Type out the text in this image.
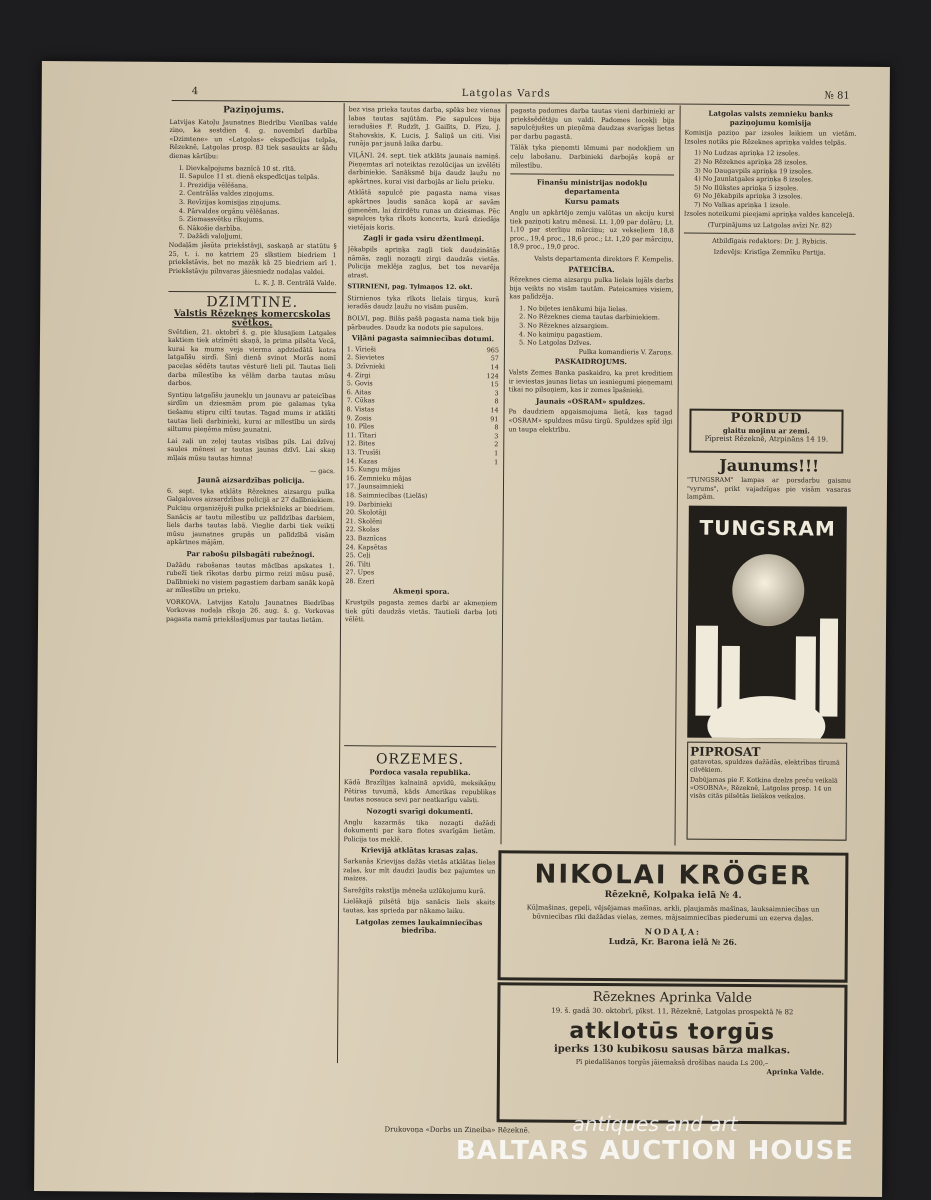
4	Latgolas Vards	№ 81
Paziņojums.
Latvijas Katoļu Jaunatnes Biedrību Vienības valde ziņo, ka sestdien 4. g. novembrī darbība «Dzimtene» un «Latgolas» ekspedīcijas telpās, Rēzeknē, Latgolas prosp. 83 tiek sasaukts ar šādu dienas kārtību:
I. Dievkalpojums baznīcā 10 st. rītā.
II. Sapulce 11 st. dienā ekspedīcijas telpās.
1. Prezidija vēlēšana.
2. Centrālās valdes ziņojums.
3. Revīzijas komisijas ziņojums.
4. Pārvaldes orgānu vēlēšanas.
5. Ziemassvētku rīkojums.
6. Nākošie darbība.
7. Dažādi valoļjumi.
Nodaļām jāsūta priekšstāvji, saskaņā ar statūtu § 25, t. i. no katriem 25 sīkstiem biedriem 1 priekšstāvis, bet no mazāk kā 25 biedriem arī 1. Priekšstāvju pilnvaras jāiesniedz nodaļas valdei.
L. K. J. B. Centrālā Valde.
DZIMTINE.
Valstis Rēzeknes komercskolas svētkos.
Svētdien, 21. oktobrī š. g. pie klusajiem Latgales kaktiem tiek atzīmēti skaņā, la prima pilsēta Vecā, kurai ka mums veja vierma apdziedātā kotra latgalīšu sirdī. Šīnī dienā svinot Morās nomī paceļas sēdēts tautas vēsturē lieli pil. Tautas lieli darba mīlestība ka vēlām darba tautas mūsu darbos.
Syntiņu latgalīšu jaunekļu un jaunavu ar pateicības sirdīm un dziesmām prom pie galamas tyka tiešamu stipru ciltī tautas. Tagad mums ir atklāti tautas lieli darbinieki, kurai ar mīlestību un sirds siltumu pieņēma mūsu jaunatni.
Lai zaļi un zeļoj tautas visības pils. Lai dzīvoj sauļes mēnesi ar tautas jaunas dzīvī. Lai skaņ mīļais mūsu tautas himna!
— gacs.
Jaunā aizsardzības policija.
6. sept. tyka atklāts Rēzeknes aizsargu pulka Galgaloves aizsardzības policijā ar 27 daļībniekiem. Pulciņu organizējuši pulka priekšnieks ar biedriem. Sanācis ar tautu mīlestību uz palīdzības darbiem, liels darbs tautas labā. Vieglie darbi tiek veikti mūsu jaunatnes grupās un palīdzībā visām apkārtnes mājām.
Par rabošu pilsbagāti rubežnogi.
Dažādu rabošanas tautas mācības apskates 1. rubežī tiek rīkotas darbu pirmo reizi mūsu pusē. Dalībnieki no visiem pagastiem darbam sanāk kopā ar mīlestību un prieku.
VORKOVA. Latvijas Katoļu Jaunatnes Biedrības Vorkovas nodaļa rīkoja 26. aug. š. g. Vorkovas pagasta namā priekšlasījumus par tautas lietām.
bez visa prieka tautas darba, spēks bez vienas labas tautas sajūtām. Pie sapulces bija ieradušies F. Rudzīt, J. Gailīts, D. Pīzu, J. Stahovskis, K. Lucis, J. Šaliņš un citi. Visi runāja par jaunā laika darbu.
VIĻĀNI. 24. sept. tiek atklāts jaunais namiņš. Pieņemtas arī noteiktas rezolūcijas un izvēlēti darbiniekie. Sanāksmē bija daudz ļaužu no apkārtnes, kurai visi darbojās ar lielu prieku.
Atklātā sapulcē pie pagasta nama visas apkārtnes ļaudis sanāca kopā ar savām ģimenēm, lai dzirdētu runas un dziesmas. Pēc sapulces tyka rīkots koncerts, kurā dziedāja vietējais koris.
Zagļi ir gada vsiru džentlmeņi.
Jēkabpils apriņķa zagļi tiek daudzinātās nāmās, zagļi nozagti zirgi daudzās vietās. Policija meklēja zagļus, bet tos nevarēja atrast.
STIRNIENI, pag. Tylmaņos 12. okt.
Stirnienos tyka rīkots lielais tirgus, kurā ieradās daudz ļaužu no visām pusēm.
BOLVI, pag. Bilās pašā pagasta nama tiek bija pārbaudes. Daudz ka nodots pie sapulces.
Viļāni pagasta saimniecības dotumi.
1. Vīrieši	965
2. Sievietes	57
3. Dzīvnieki	14
4. Zirgi	124
5. Govis	15
6. Aitas	3
7. Cūkas	8
8. Vistas	14
9. Zosis	91
10. Pīles	8
11. Tītari	3
12. Bites	2
13. Trusīši	1
14. Kazas	1
15. Kungu mājas
16. Zemnieku mājas
17. Jaunsaimnieki
18. Saimniecības (Lielās)
19. Darbinieki
20. Skolotāji
21. Skolēni
22. Skolas
23. Baznīcas
24. Kapsētas
25. Ceļi
26. Tilti
27. Upes
28. Ezeri
Akmeņi spora.
Krustpils pagasta zemes darbi ar akmeņiem tiek gūti daudzās vietās. Tautieši darba ļoti vēlēti.
ORZEMES.
Pordoca vasala republika.
Kādā Brazīlijas kalnainā apvidū, meksikāņu Pētiras tuvumā, kāds Amerikas republikas tautas nosauca sevi par neatkarīgu valsti.
Nozogti svarīgi dokumenti.
Angļu kazarmās tika nozagti dažādi dokumenti par kara flotes svarīgām lietām. Policija tos meklē.
Krievijā atklātas krasas zaļas.
Sarkanās Krievijas dažās vietās atklātas lielas zaļas, kur mīt daudzi ļaudis bez pajumtes un maizes.
Sarežģīts rakstīja mēneša uzlūkojumu kurā.
Lielākajā pilsētā bija sanācis liels skaits tautas, kas sprieda par nākamo laiku.
Latgolas zemes laukaimniecības biedrība.
pagasta padomes darba tautas vieni darbinieki ar priekšsēdētāju un valdi. Padomes locekļi bija sapulcējušies un pieņēma daudzas svarīgas lietas par darbu pagastā.
Tālāk tyka pieņemti lēmumi par nodokļiem un ceļu labošanu. Darbinieki darbojās kopā ar mīlestību.
Finanšu ministrijas nodokļu departamenta
Kursu pamats
Angļu un apkārtējo zemju valūtas un akciju kursi tiek paziņoti katru mēnesi. Lt. 1,09 par dolāru; Lt. 1,10 par sterliņu mārciņu; uz vekseļiem 18,8 proc., 19,4 proc., 18,6 proc.; Lt. 1,20 par mārciņu, 18,9 proc., 19,0 proc.
Valsts departamenta direktors F. Kempelis.
PATEICĪBA.
Rēzeknes ciema aizsargu pulka lielais lojāls darbs bija veikts no visām tautām. Pateicamies visiem, kas palīdzēja.
1. No biļetes ienākumi bija lielas.
2. No Rēzeknes ciema tautas darbiniekiem.
3. No Rēzeknes aizsargiem.
4. No kaimiņu pagastiem.
5. No Latgolas Dzīves.
Pulka komandieris V. Zaroņs.
PASKAIDROJUMS.
Valsts Zemes Banka paskaidro, ka pret kreditiem ir ieviestas jaunas lietas un iesniegumi pieņemami tikai no pilsoņiem, kas ir zemes īpašnieki.
Jaunais «OSRAM» spuldzes.
Pa daudziem apgaismojuma lietā, kas tagad «OSRAM» spuldzes mūsu tirgū. Spuldzes spīd ilgi un taupa elektrību.
Latgolas valsts zemnieku banks paziņojumu komisija
Komisija paziņo par izsoles laikiem un vietām. Izsoles notiks pie Rēzeknes apriņķa valdes telpās.
1) No Ludzas apriņķa 12 izsoles.
2) No Rēzeknes apriņķa 28 izsoles.
3) No Daugavpils apriņķa 19 izsoles.
4) No Jaunlatgales apriņķa 8 izsoles.
5) No Ilūkstes apriņķa 5 izsoles.
6) No Jēkabpils apriņķa 3 izsoles.
7) No Valkas apriņķa 1 izsole.
Izsoles noteikumi pieejami apriņķa valdes kancelejā.
(Turpinājums uz Latgolas avīzi Nr. 82)
Atbildīgais redaktors: Dr. J. Rybicis.
Izdevējs: Kristīga Zemnīku Partija.
PORDUD
glaitu mojinu ar zemi.
Pīpreist Rēzeknē, Atrpināns 14 19.
Jaunums!!!
"TUNGSRAM" lampas ar porsdarbu gaismu "vyrums", prikt vajadzīgas pie visām vasaras lampām.
TUNGSRAM
PIPROSAT
gatavotas, spuldzes dažādās, elektrības tīrumā cilvēkiem.
Dabūjamas pie F. Kotkina dzelzs preču veikalā «OSOBNA», Rēzeknē, Latgolas prosp. 14 un visās citās pilsētās lielākos veikalos.
NIKOLAI KRÖGER
Rēzeknē, Kolpaka ielā № 4.
Kūļmašinas, gepeļi, vējsējamas mašīnas, arkli, pļaujamās mašīnas, lauksaimniecības un būvniecības rīki dažādas vielas, zemes, mājsaimniecības piederumi un ezerva daļas.
NODAĻA:
Ludzā, Kr. Barona ielā № 26.
Rēzeknes Aprinka Valde
19. š. gadā 30. oktobrī, pīkst. 11, Rēzeknē, Latgolas prospektā № 82
atklotūs torgūs
iperks 130 kubikosu sausas bārza malkas.
Pī piedalīšanos torgūs jāiemaksā drošības nauda Ls 200,–
Aprinka Valde.
Drukovoņa «Dorbs un Zineiba» Rēzeknē.	antiques and art
BALTARS AUCTION HOUSE
